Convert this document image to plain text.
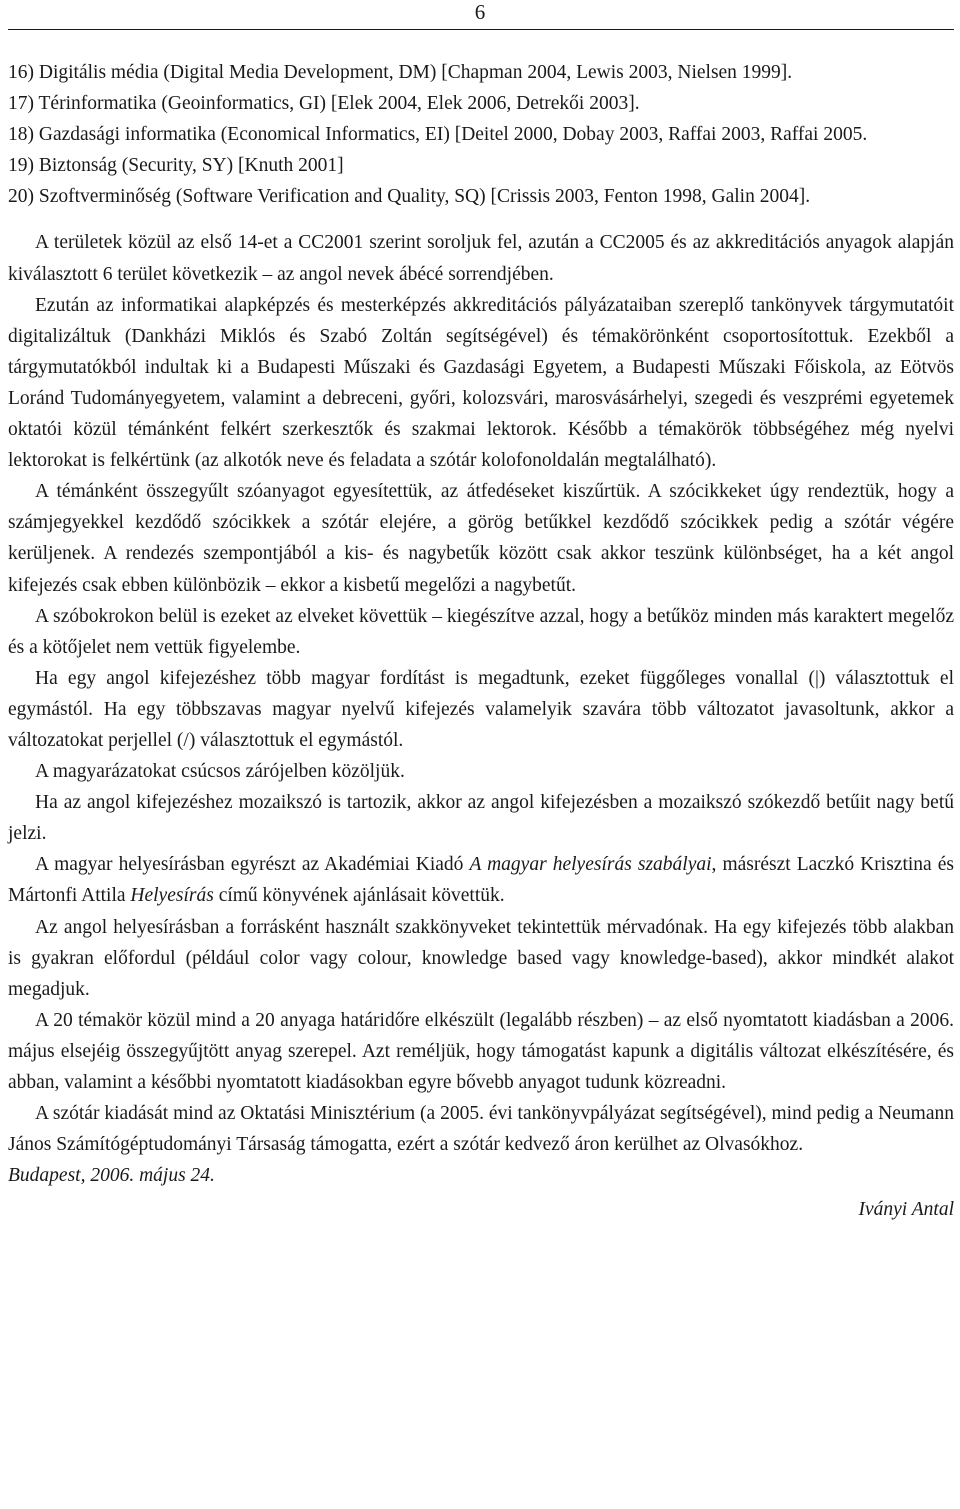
6

16) Digitális média (Digital Media Development, DM) [Chapman 2004, Lewis 2003, Nielsen 1999].

17) Térinformatika (Geoinformatics, GI) [Elek 2004, Elek 2006, Detrekői 2003].

18) Gazdasági informatika (Economical Informatics, EI) [Deitel 2000, Dobay 2003, Raffai 2003, Raffai 2005.

19) Biztonság (Security, SY) [Knuth 2001]

20) Szoftverminőség (Software Verification and Quality, SQ) [Crissis 2003, Fenton 1998, Galin 2004].

A területek közül az első 14-et a CC2001 szerint soroljuk fel, azután a CC2005 és az akkreditációs anyagok alapján kiválasztott 6 terület következik – az angol nevek ábécé sorrendjében.

Ezután az informatikai alapképzés és mesterképzés akkreditációs pályázataiban szereplő tankönyvek tárgymutatóit digitalizáltuk (Dankházi Miklós és Szabó Zoltán segítségével) és témakörönként csoportosítottuk. Ezekből a tárgymutatókból indultak ki a Budapesti Műszaki és Gazdasági Egyetem, a Budapesti Műszaki Főiskola, az Eötvös Loránd Tudományegyetem, valamint a debreceni, győri, kolozsvári, marosvásárhelyi, szegedi és veszprémi egyetemek oktatói közül témánként felkért szerkesztők és szakmai lektorok. Később a témakörök többségéhez még nyelvi lektorokat is felkértünk (az alkotók neve és feladata a szótár kolofonoldalán megtalálható).

A témánként összegyűlt szóanyagot egyesítettük, az átfedéseket kiszűrtük. A szócikkeket úgy rendeztük, hogy a számjegyekkel kezdődő szócikkek a szótár elejére, a görög betűkkel kezdődő szócikkek pedig a szótár végére kerüljenek. A rendezés szempontjából a kis- és nagybetűk között csak akkor teszünk különbséget, ha a két angol kifejezés csak ebben különbözik – ekkor a kisbetű megelőzi a nagybetűt.

A szóbokrokon belül is ezeket az elveket követtük – kiegészítve azzal, hogy a betűköz minden más karaktert megelőz és a kötőjelet nem vettük figyelembe.

Ha egy angol kifejezéshez több magyar fordítást is megadtunk, ezeket függőleges vonallal (|) választottuk el egymástól. Ha egy többszavas magyar nyelvű kifejezés valamelyik szavára több változatot javasoltunk, akkor a változatokat perjellel (/) választottuk el egymástól.

A magyarázatokat csúcsos zárójelben közöljük.

Ha az angol kifejezéshez mozaikszó is tartozik, akkor az angol kifejezésben a mozaikszó szókezdő betűit nagy betű jelzi.

A magyar helyesírásban egyrészt az Akadémiai Kiadó A magyar helyesírás szabályai, másrészt Laczkó Krisztina és Mártonfi Attila Helyesírás című könyvének ajánlásait követtük.

Az angol helyesírásban a forrásként használt szakkönyveket tekintettük mérvadónak. Ha egy kifejezés több alakban is gyakran előfordul (például color vagy colour, knowledge based vagy knowledge-based), akkor mindkét alakot megadjuk.

A 20 témakör közül mind a 20 anyaga határidőre elkészült (legalább részben) – az első nyomtatott kiadásban a 2006. május elsejéig összegyűjtött anyag szerepel. Azt reméljük, hogy támogatást kapunk a digitális változat elkészítésére, és abban, valamint a későbbi nyomtatott kiadásokban egyre bővebb anyagot tudunk közreadni.

A szótár kiadását mind az Oktatási Minisztérium (a 2005. évi tankönyvpályázat segítségével), mind pedig a Neumann János Számítógéptudományi Társaság támogatta, ezért a szótár kedvező áron kerülhet az Olvasókhoz.

Budapest, 2006. május 24.

Iványi Antal
